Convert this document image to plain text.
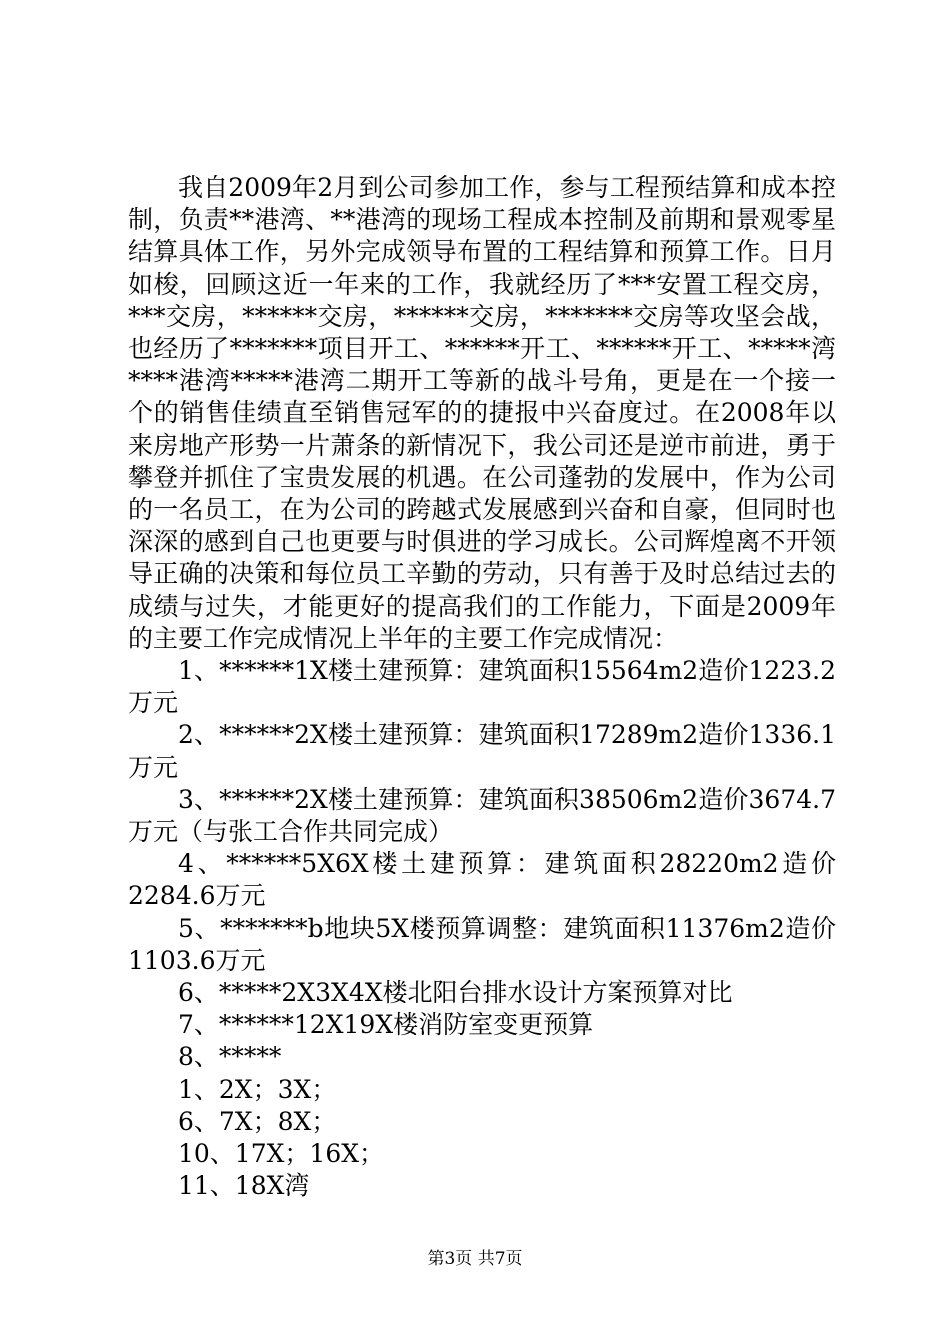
我自2009年2月到公司参加工作，参与工程预结算和成本控制，负责**港湾、**港湾的现场工程成本控制及前期和景观零星结算具体工作，另外完成领导布置的工程结算和预算工作。日月如梭，回顾这近一年来的工作，我就经历了***安置工程交房，***交房，******交房，******交房，*******交房等攻坚会战，也经历了*******项目开工、******开工、******开工、*****湾****港湾*****港湾二期开工等新的战斗号角，更是在一个接一个的销售佳绩直至销售冠军的的捷报中兴奋度过。在2008年以来房地产形势一片萧条的新情况下，我公司还是逆市前进，勇于攀登并抓住了宝贵发展的机遇。在公司蓬勃的发展中，作为公司的一名员工，在为公司的跨越式发展感到兴奋和自豪，但同时也深深的感到自己也更要与时俱进的学习成长。公司辉煌离不开领导正确的决策和每位员工辛勤的劳动，只有善于及时总结过去的成绩与过失，才能更好的提高我们的工作能力，下面是2009年的主要工作完成情况上半年的主要工作完成情况：

1、******1X楼土建预算：建筑面积15564m2造价1223.2万元

2、******2X楼土建预算：建筑面积17289m2造价1336.1万元

3、******2X楼土建预算：建筑面积38506m2造价3674.7万元（与张工合作共同完成）

4、******5X6X楼土建预算：建筑面积28220m2造价2284.6万元

5、*******b地块5X楼预算调整：建筑面积11376m2造价1103.6万元

6、*****2X3X4X楼北阳台排水设计方案预算对比

7、******12X19X楼消防室变更预算

8、*****

1、2X；3X；

6、7X；8X；

10、17X；16X；

11、18X湾

第3页 共7页
